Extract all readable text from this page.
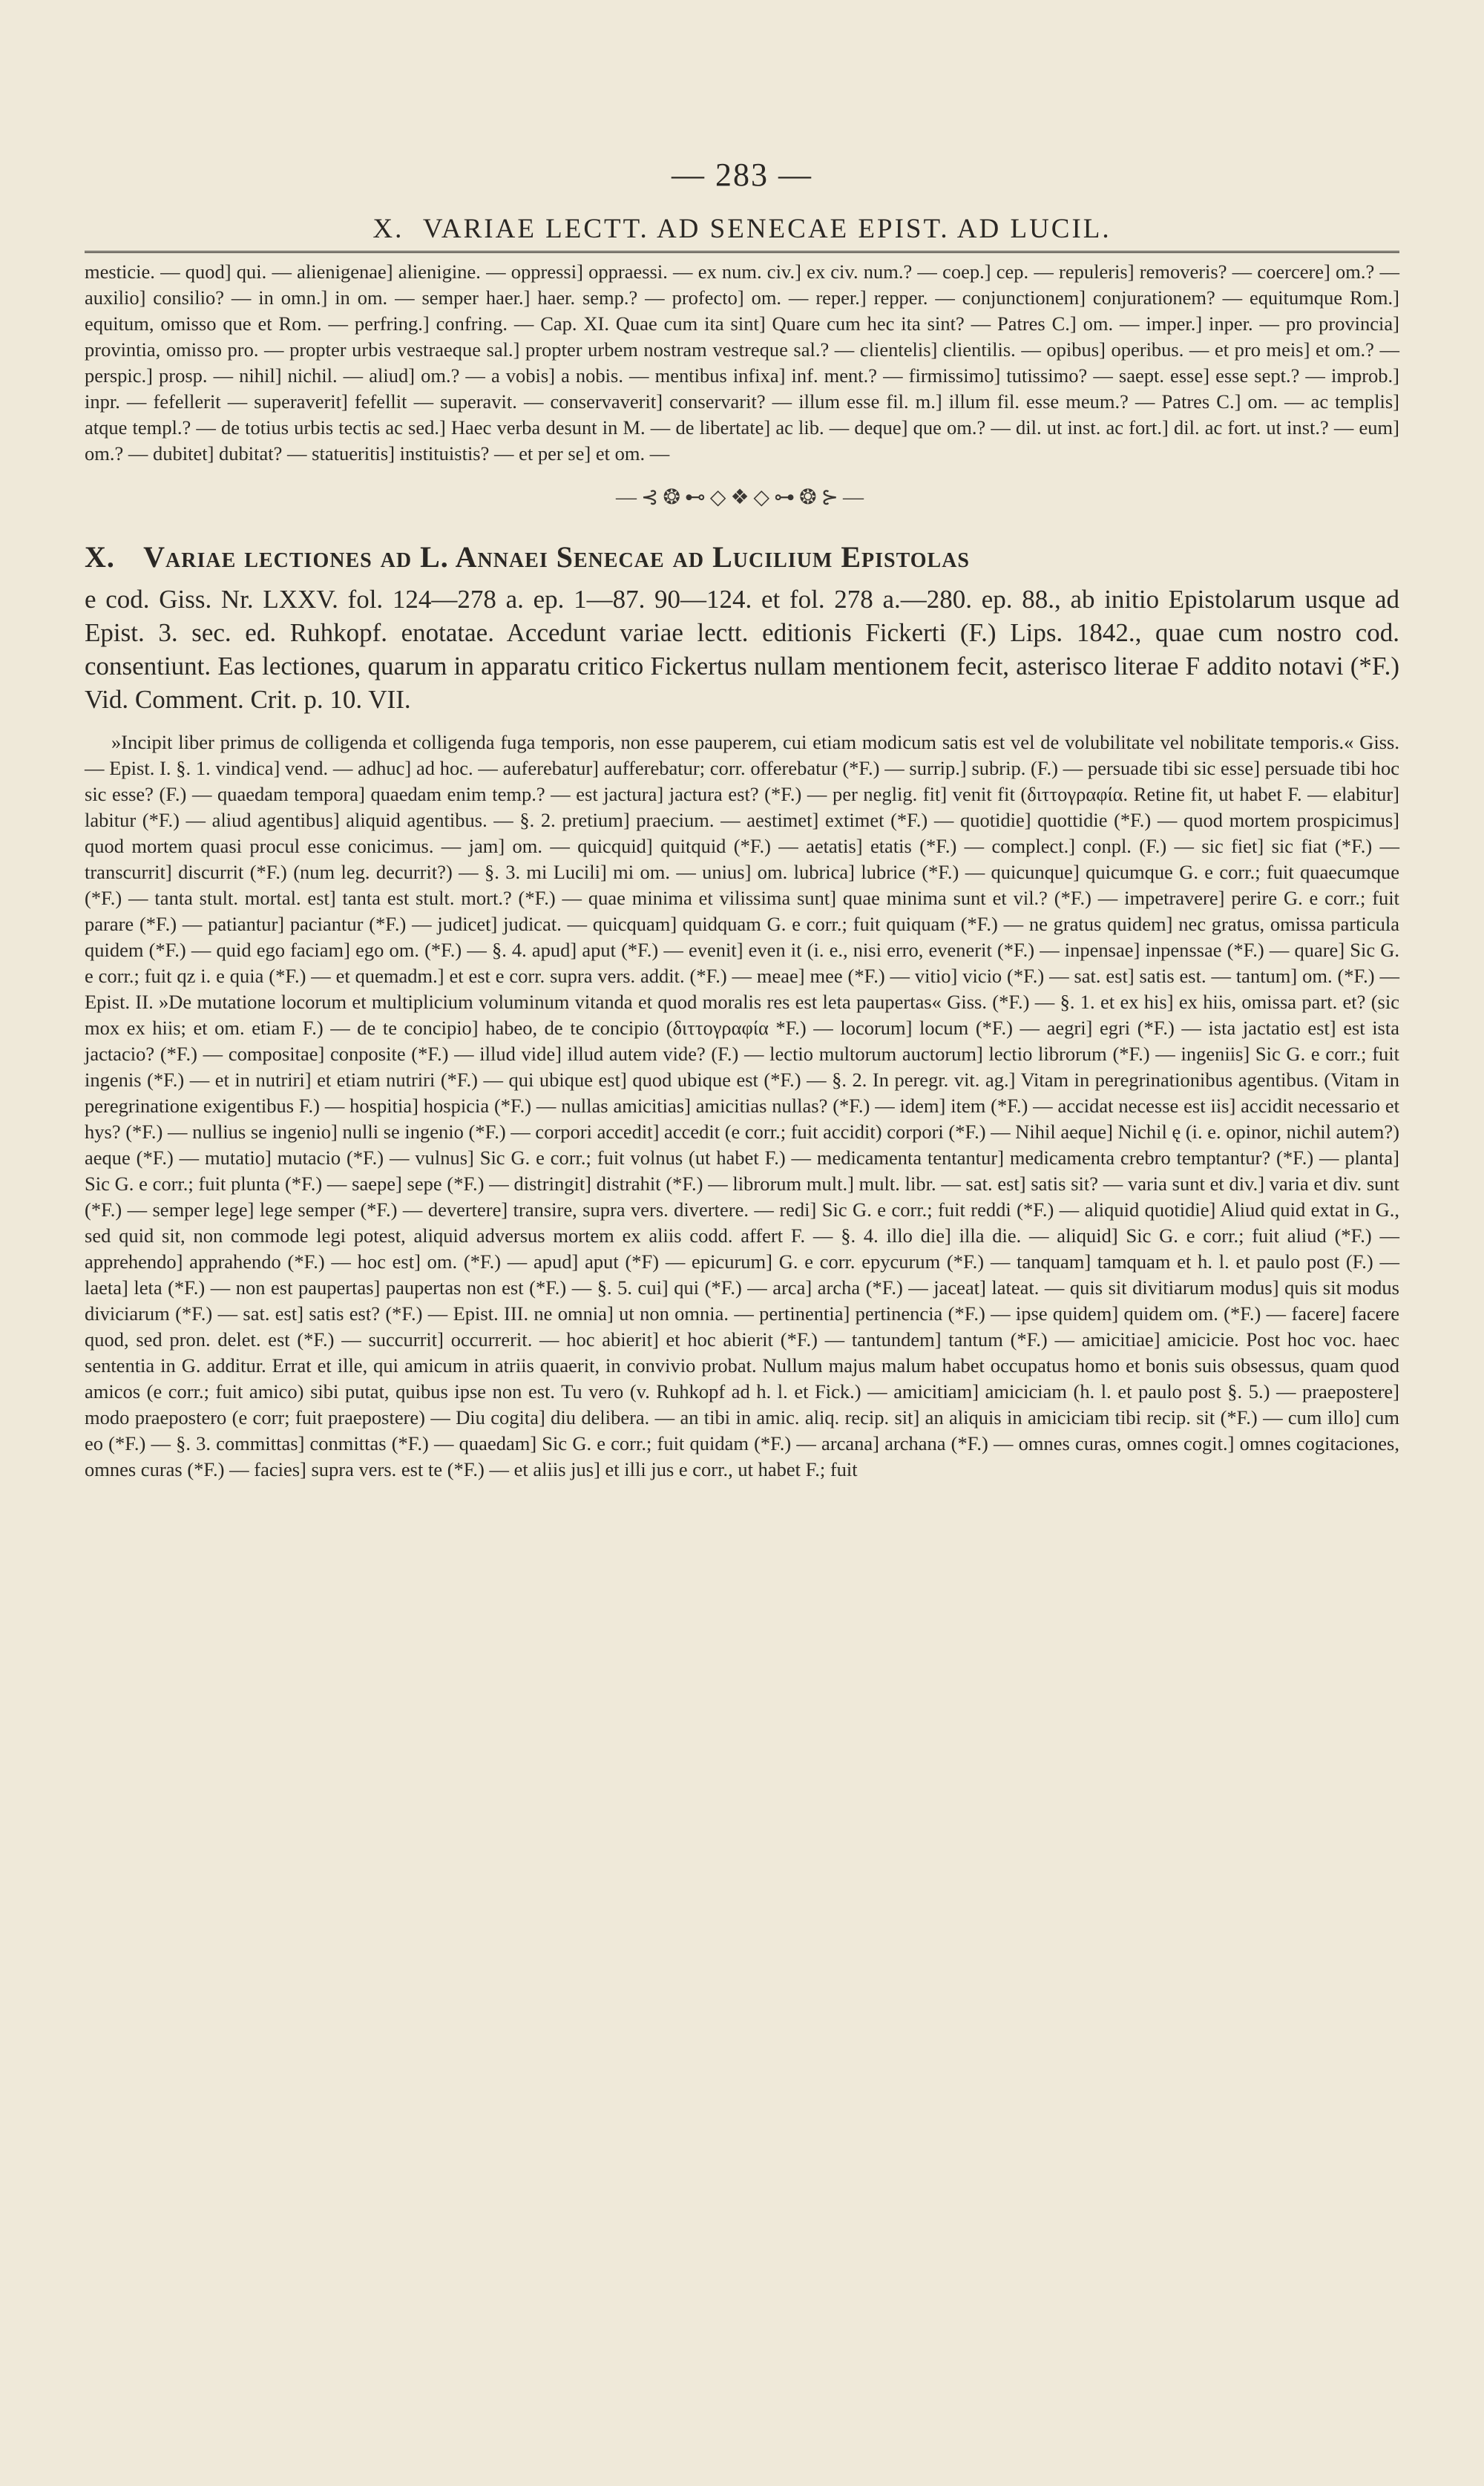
— 283 —
X. VARIAE LECTT. AD SENECAE EPIST. AD LUCIL.

mesticie. — quod] qui. — alienigenae] alienigine. — oppressi] oppraessi. — ex num. civ.] ex civ. num.? — coep.] cep. — repuleris] removeris? — coercere] om.? — auxilio] consilio? — in omn.] in om. — semper haer.] haer. semp.? — profecto] om. — reper.] repper. — conjunctionem] conjurationem? — equitumque Rom.] equitum, omisso que et Rom. — perfring.] confring. — Cap. XI. Quae cum ita sint] Quare cum hec ita sint? — Patres C.] om. — imper.] inper. — pro provincia] provintia, omisso pro. — propter urbis vestraeque sal.] propter urbem nostram vestreque sal.? — clientelis] clientilis. — opibus] operibus. — et pro meis] et om.? — perspic.] prosp. — nihil] nichil. — aliud] om.? — a vobis] a nobis. — mentibus infixa] inf. ment.? — firmissimo] tutissimo? — saept. esse] esse sept.? — improb.] inpr. — fefellerit — superaverit] fefellit — superavit. — conservaverit] conservarit? — illum esse fil. m.] illum fil. esse meum.? — Patres C.] om. — ac templis] atque templ.? — de totius urbis tectis ac sed.] Haec verba desunt in M. — de libertate] ac lib. — deque] que om.? — dil. ut inst. ac fort.] dil. ac fort. ut inst.? — eum] om.? — dubitet] dubitat? — statueritis] instituistis? — et per se] et om. —

—⊰❂⊷◇❖◇⊶❂⊱—
X. Variae lectiones ad L. Annaei Senecae ad Lucilium Epistolas
e cod. Giss. Nr. LXXV. fol. 124—278 a. ep. 1—87. 90—124. et fol. 278 a.—280. ep. 88., ab initio Epistolarum usque ad Epist. 3. sec. ed. Ruhkopf. enotatae. Accedunt variae lectt. editionis Fickerti (F.) Lips. 1842., quae cum nostro cod. consentiunt. Eas lectiones, quarum in apparatu critico Fickertus nullam mentionem fecit, asterisco literae F addito notavi (*F.) Vid. Comment. Crit. p. 10. VII.

»Incipit liber primus de colligenda et colligenda fuga temporis, non esse pauperem, cui etiam modicum satis est vel de volubilitate vel nobilitate temporis.« Giss. — Epist. I. §. 1. vindica] vend. — adhuc] ad hoc. — auferebatur] aufferebatur; corr. offerebatur (*F.) — surrip.] subrip. (F.) — persuade tibi sic esse] persuade tibi hoc sic esse? (F.) — quaedam tempora] quaedam enim temp.? — est jactura] jactura est? (*F.) — per neglig. fit] venit fit (διττογραφία. Retine fit, ut habet F. — elabitur] labitur (*F.) — aliud agentibus] aliquid agentibus. — §. 2. pretium] praecium. — aestimet] extimet (*F.) — quotidie] quottidie (*F.) — quod mortem prospicimus] quod mortem quasi procul esse conicimus. — jam] om. — quicquid] quitquid (*F.) — aetatis] etatis (*F.) — complect.] conpl. (F.) — sic fiet] sic fiat (*F.) — transcurrit] discurrit (*F.) (num leg. decurrit?) — §. 3. mi Lucili] mi om. — unius] om. lubrica] lubrice (*F.) — quicunque] quicumque G. e corr.; fuit quaecumque (*F.) — tanta stult. mortal. est] tanta est stult. mort.? (*F.) — quae minima et vilissima sunt] quae minima sunt et vil.? (*F.) — impetravere] perire G. e corr.; fuit parare (*F.) — patiantur] paciantur (*F.) — judicet] judicat. — quicquam] quidquam G. e corr.; fuit quiquam (*F.) — ne gratus quidem] nec gratus, omissa particula quidem (*F.) — quid ego faciam] ego om. (*F.) — §. 4. apud] aput (*F.) — evenit] even it (i. e., nisi erro, evenerit (*F.) — inpensae] inpenssae (*F.) — quare] Sic G. e corr.; fuit qz i. e quia (*F.) — et quemadm.] et est e corr. supra vers. addit. (*F.) — meae] mee (*F.) — vitio] vicio (*F.) — sat. est] satis est. — tantum] om. (*F.) — Epist. II. »De mutatione locorum et multiplicium voluminum vitanda et quod moralis res est leta paupertas« Giss. (*F.) — §. 1. et ex his] ex hiis, omissa part. et? (sic mox ex hiis; et om. etiam F.) — de te concipio] habeo, de te concipio (διττογραφία *F.) — locorum] locum (*F.) — aegri] egri (*F.) — ista jactatio est] est ista jactacio? (*F.) — compositae] conposite (*F.) — illud vide] illud autem vide? (F.) — lectio multorum auctorum] lectio librorum (*F.) — ingeniis] Sic G. e corr.; fuit ingenis (*F.) — et in nutriri] et etiam nutriri (*F.) — qui ubique est] quod ubique est (*F.) — §. 2. In peregr. vit. ag.] Vitam in peregrinationibus agentibus. (Vitam in peregrinatione exigentibus F.) — hospitia] hospicia (*F.) — nullas amicitias] amicitias nullas? (*F.) — idem] item (*F.) — accidat necesse est iis] accidit necessario et hys? (*F.) — nullius se ingenio] nulli se ingenio (*F.) — corpori accedit] accedit (e corr.; fuit accidit) corpori (*F.) — Nihil aeque] Nichil ę (i. e. opinor, nichil autem?) aeque (*F.) — mutatio] mutacio (*F.) — vulnus] Sic G. e corr.; fuit volnus (ut habet F.) — medicamenta tentantur] medicamenta crebro temptantur? (*F.) — planta] Sic G. e corr.; fuit plunta (*F.) — saepe] sepe (*F.) — distringit] distrahit (*F.) — librorum mult.] mult. libr. — sat. est] satis sit? — varia sunt et div.] varia et div. sunt (*F.) — semper lege] lege semper (*F.) — devertere] transire, supra vers. divertere. — redi] Sic G. e corr.; fuit reddi (*F.) — aliquid quotidie] Aliud quid extat in G., sed quid sit, non commode legi potest, aliquid adversus mortem ex aliis codd. affert F. — §. 4. illo die] illa die. — aliquid] Sic G. e corr.; fuit aliud (*F.) — apprehendo] apprahendo (*F.) — hoc est] om. (*F.) — apud] aput (*F) — epicurum] G. e corr. epycurum (*F.) — tanquam] tamquam et h. l. et paulo post (F.) — laeta] leta (*F.) — non est paupertas] paupertas non est (*F.) — §. 5. cui] qui (*F.) — arca] archa (*F.) — jaceat] lateat. — quis sit divitiarum modus] quis sit modus diviciarum (*F.) — sat. est] satis est? (*F.) — Epist. III. ne omnia] ut non omnia. — pertinentia] pertinencia (*F.) — ipse quidem] quidem om. (*F.) — facere] facere quod, sed pron. delet. est (*F.) — succurrit] occurrerit. — hoc abierit] et hoc abierit (*F.) — tantundem] tantum (*F.) — amicitiae] amicicie. Post hoc voc. haec sententia in G. additur. Errat et ille, qui amicum in atriis quaerit, in convivio probat. Nullum majus malum habet occupatus homo et bonis suis obsessus, quam quod amicos (e corr.; fuit amico) sibi putat, quibus ipse non est. Tu vero (v. Ruhkopf ad h. l. et Fick.) — amicitiam] amiciciam (h. l. et paulo post §. 5.) — praepostere] modo praepostero (e corr; fuit praepostere) — Diu cogita] diu delibera. — an tibi in amic. aliq. recip. sit] an aliquis in amiciciam tibi recip. sit (*F.) — cum illo] cum eo (*F.) — §. 3. committas] conmittas (*F.) — quaedam] Sic G. e corr.; fuit quidam (*F.) — arcana] archana (*F.) — omnes curas, omnes cogit.] omnes cogitaciones, omnes curas (*F.) — facies] supra vers. est te (*F.) — et aliis jus] et illi jus e corr., ut habet F.; fuit
